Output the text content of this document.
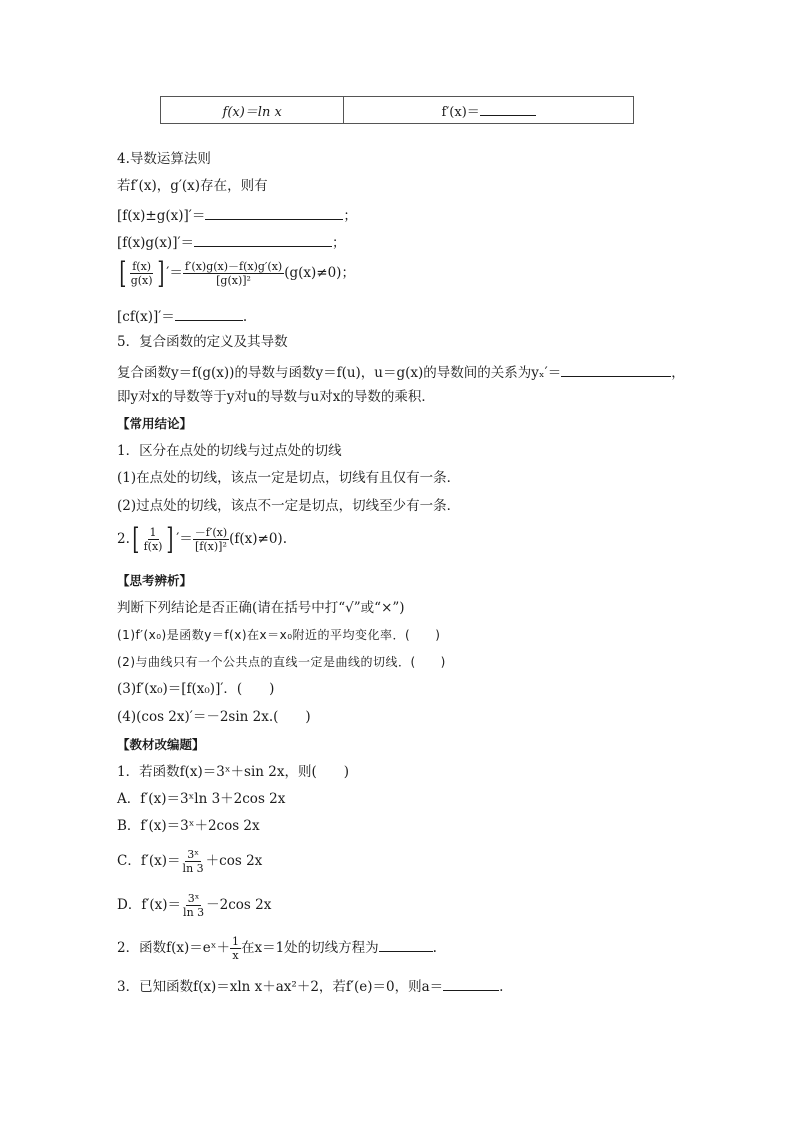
f(x)＝ln x	f′(x)＝
4.导数运算法则
若f′(x)，g′(x)存在，则有
[f(x)±g(x)]′＝	；
[f(x)g(x)]′＝	；
[ $\frac{f(x)}{g(x)}$ ] ′＝ $\frac{f'(x)g(x)-f(x)g'(x)}{\text{[g(x)]²}} (g(x)\ne 0)$；
[cf(x)]′＝	.
5．复合函数的定义及其导数
复合函数y＝f(g(x))的导数与函数y＝f(u)，u＝g(x)的导数间的关系为yₓ′＝	，
即y对x的导数等于y对u的导数与u对x的导数的乘积．
【常用结论】
1．区分在点处的切线与过点处的切线
(1)在点处的切线，该点一定是切点，切线有且仅有一条．
(2)过点处的切线，该点不一定是切点，切线至少有一条．
$2.[ \frac{1}{f(x)}$ ] ′＝ $\frac{-f'(x)}{\text{[f(x)]²}} (f(x)\ne 0)$.
【思考辨析】
判断下列结论是否正确(请在括号中打“√”或“×”)
(1)f′(x₀)是函数y＝f(x)在x＝x₀附近的平均变化率．(　　)
(2)与曲线只有一个公共点的直线一定是曲线的切线．(　　)
(3)f′(x₀)＝[f(x₀)]′．(　　)
(4)(cos 2x)′＝－2sin 2x.(　　)
【教材改编题】
1．若函数f(x)＝3ˣ＋sin 2x，则(　　)
A．f′(x)＝3ˣln 3＋2cos 2x
B．f′(x)＝3ˣ＋2cos 2x
C．$f'(x)= \frac{\text{3ˣ}}{\ln 3} +\cos$ 2x
D．$f'(x)= \frac{\text{3ˣ}}{\ln 3} -2\cos$ 2x
2．函数f(x)＝eˣ＋ $\frac{1}{x}$ 在x＝1处的切线方程为	.
3．已知函数f(x)＝xln x＋ax²＋2，若f′(e)＝0，则a＝	.
